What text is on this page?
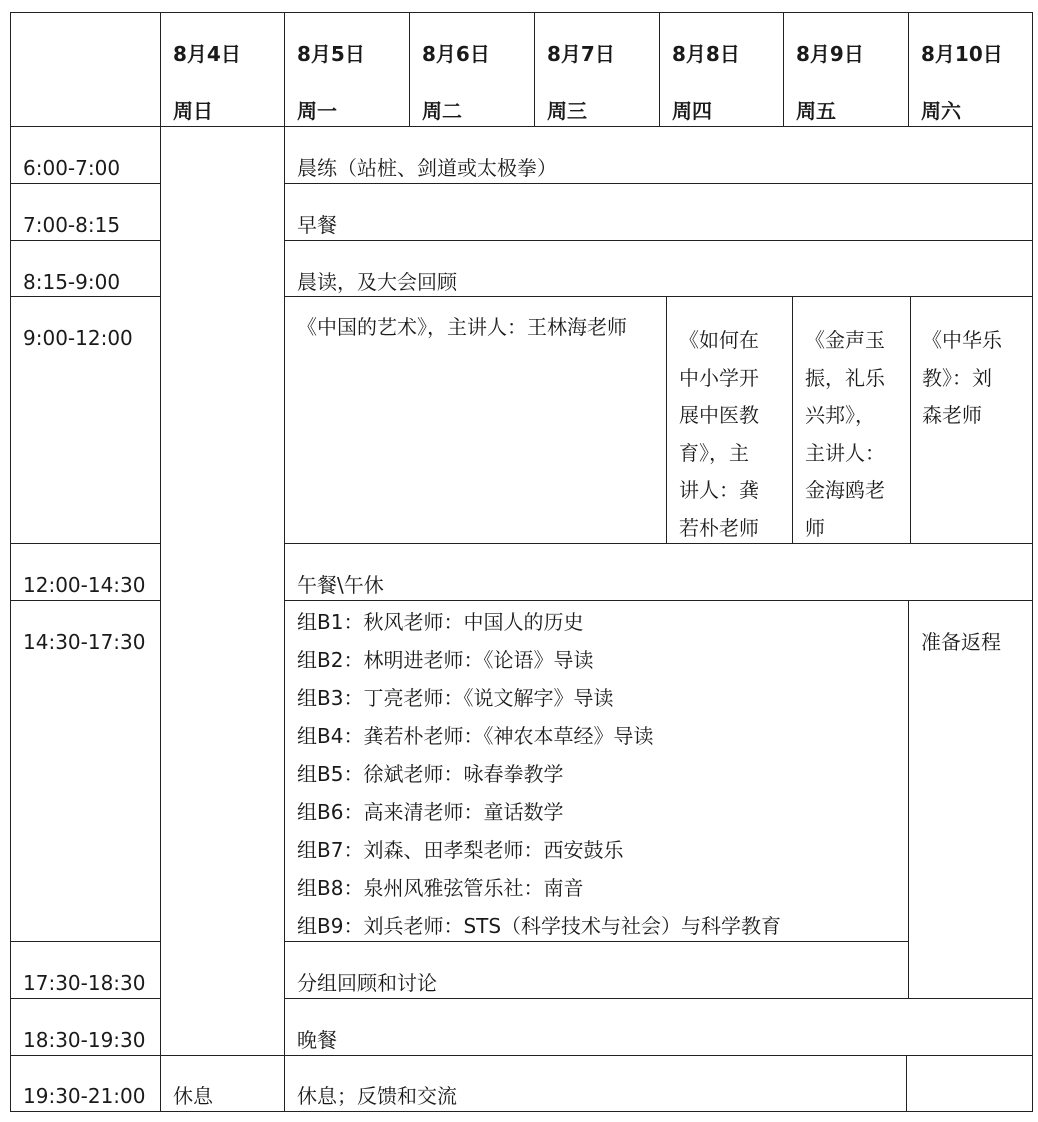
8月4日
周日
8月5日
周一
8月6日
周二
8月7日
周三
8月8日
周四
8月9日
周五
8月10日
周六
6:00-7:00
7:00-8:15
8:15-9:00
9:00-12:00
12:00-14:30
14:30-17:30
17:30-18:30
18:30-19:30
19:30-21:00
晨练（站桩、剑道或太极拳）
早餐
晨读，及大会回顾
《中国的艺术》，主讲人：王林海老师
《如何在
中小学开
展中医教
育》，主
讲人：龚
若朴老师
《金声玉
振，礼乐
兴邦》，
主讲人：
金海鸥老
师
《中华乐
教》：刘
森老师
午餐\午休
组B1：秋风老师：中国人的历史
组B2：林明进老师：《论语》导读
组B3：丁亮老师：《说文解字》导读
组B4：龚若朴老师：《神农本草经》导读
组B5：徐斌老师：咏春拳教学
组B6：高来清老师：童话数学
组B7：刘森、田孝梨老师：西安鼓乐
组B8：泉州风雅弦管乐社：南音
组B9：刘兵老师：STS（科学技术与社会）与科学教育
准备返程
分组回顾和讨论
晚餐
休息	休息；反馈和交流
